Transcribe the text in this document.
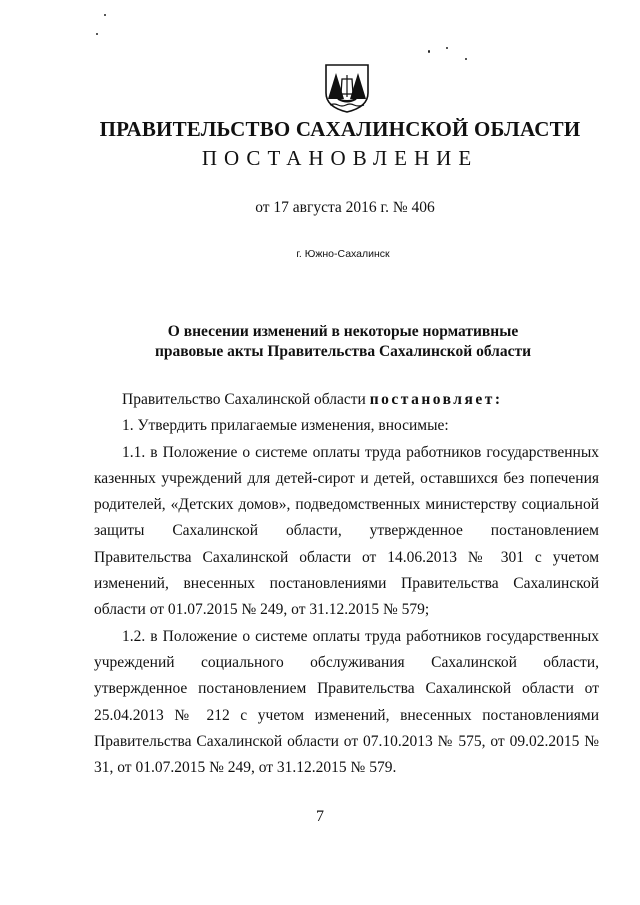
ПРАВИТЕЛЬСТВО САХАЛИНСКОЙ ОБЛАСТИ
ПОСТАНОВЛЕНИЕ
от 17 августа 2016 г. № 406
г. Южно-Сахалинск
О внесении изменений в некоторые нормативные
правовые акты Правительства Сахалинской области

Правительство Сахалинской области постановляет:

1. Утвердить прилагаемые изменения, вносимые:

1.1. в Положение о системе оплаты труда работников государственных казенных учреждений для детей-сирот и детей, оставшихся без попечения родителей, «Детских домов», подведомственных министерству социальной защиты Сахалинской области, утвержденное постановлением Правительства Сахалинской области от 14.06.2013 № 301 с учетом изменений, внесенных постановлениями Правительства Сахалинской области от 01.07.2015 № 249, от 31.12.2015 № 579;

1.2. в Положение о системе оплаты труда работников государственных учреждений социального обслуживания Сахалинской области, утвержденное постановлением Правительства Сахалинской области от 25.04.2013 № 212 с учетом изменений, внесенных постановлениями Правительства Сахалинской области от 07.10.2013 № 575, от 09.02.2015 № 31, от 01.07.2015 № 249, от 31.12.2015 № 579.

7
